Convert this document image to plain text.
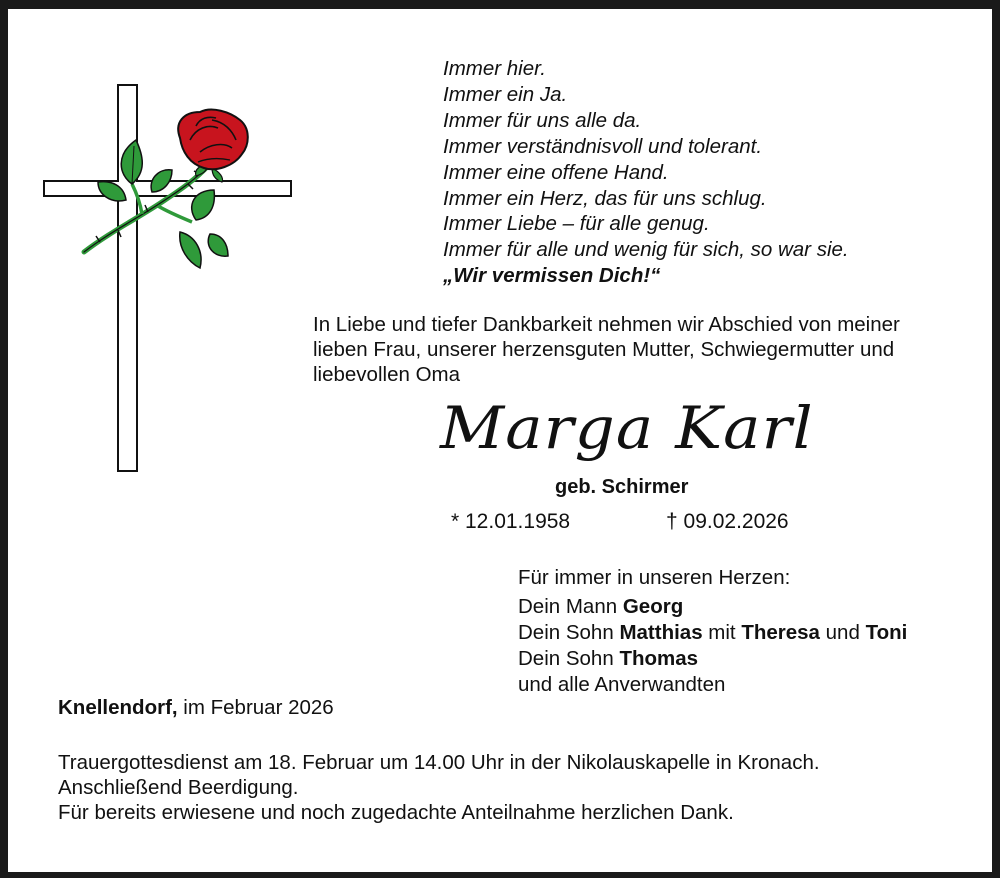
Immer hier.
Immer ein Ja.
Immer für uns alle da.
Immer verständnisvoll und tolerant.
Immer eine offene Hand.
Immer ein Herz, das für uns schlug.
Immer Liebe – für alle genug.
Immer für alle und wenig für sich, so war sie.
„Wir vermissen Dich!“
In Liebe und tiefer Dankbarkeit nehmen wir Abschied von meiner
lieben Frau, unserer herzensguten Mutter, Schwiegermutter und
liebevollen Oma
Marga Karl
geb. Schirmer
* 12.01.1958	† 09.02.2026
Für immer in unseren Herzen:
Dein Mann Georg
Dein Sohn Matthias mit Theresa und Toni
Dein Sohn Thomas
und alle Anverwandten
Knellendorf, im Februar 2026
Trauergottesdienst am 18. Februar um 14.00 Uhr in der Nikolauskapelle in Kronach.
Anschließend Beerdigung.
Für bereits erwiesene und noch zugedachte Anteilnahme herzlichen Dank.
